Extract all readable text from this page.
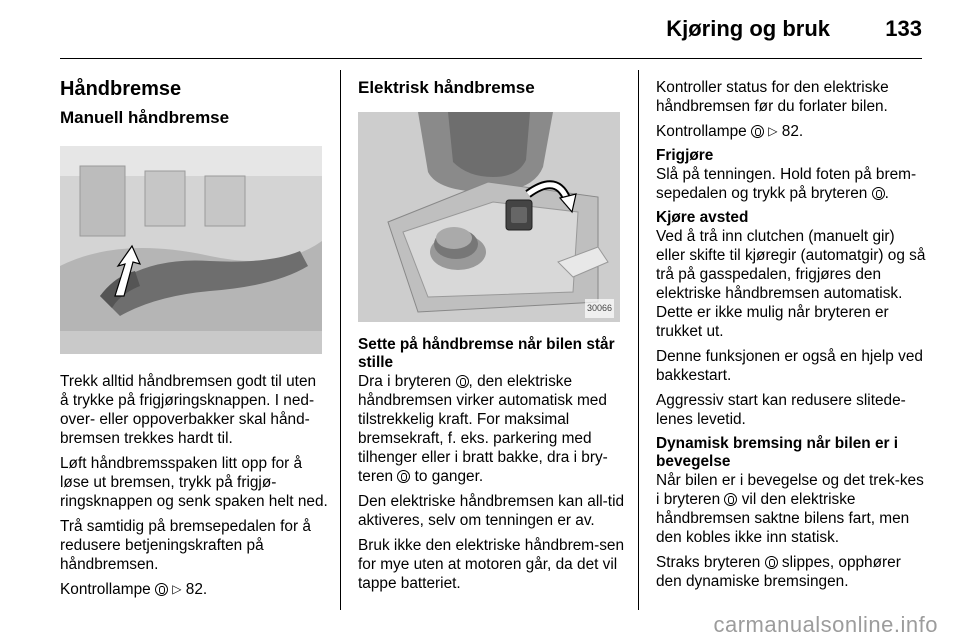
Kjøring og bruk	133
Håndbremse
Manuell håndbremse

Trekk alltid håndbremsen godt til uten å trykke på frigjøringsknappen. I ned-over- eller oppoverbakker skal hånd-bremsen trekkes hardt til.

Løft håndbremsspaken litt opp for å løse ut bremsen, trykk på frigjø-ringsknappen og senk spaken helt ned.

Trå samtidig på bremsepedalen for å redusere betjeningskraften på håndbremsen.

Kontrollampe ▷ 82.

Elektrisk håndbremse
30066
Sette på håndbremse når bilen står stille

Dra i bryteren , den elektriske håndbremsen virker automatisk med tilstrekkelig kraft. For maksimal bremsekraft, f. eks. parkering med tilhenger eller i bratt bakke, dra i bry-teren to ganger.

Den elektriske håndbremsen kan all-tid aktiveres, selv om tenningen er av.

Bruk ikke den elektriske håndbrem-sen for mye uten at motoren går, da det vil tappe batteriet.

Kontroller status for den elektriske håndbremsen før du forlater bilen.

Kontrollampe ▷ 82.

Frigjøre

Slå på tenningen. Hold foten på brem-sepedalen og trykk på bryteren .

Kjøre avsted

Ved å trå inn clutchen (manuelt gir) eller skifte til kjøregir (automatgir) og så trå på gasspedalen, frigjøres den elektriske håndbremsen automatisk. Dette er ikke mulig når bryteren er trukket ut.

Denne funksjonen er også en hjelp ved bakkestart.

Aggressiv start kan redusere slitede-lenes levetid.

Dynamisk bremsing når bilen er i bevegelse

Når bilen er i bevegelse og det trek-kes i bryteren vil den elektriske håndbremsen saktne bilens fart, men den kobles ikke inn statisk.

Straks bryteren slippes, opphører den dynamiske bremsingen.

carmanualsonline.info
